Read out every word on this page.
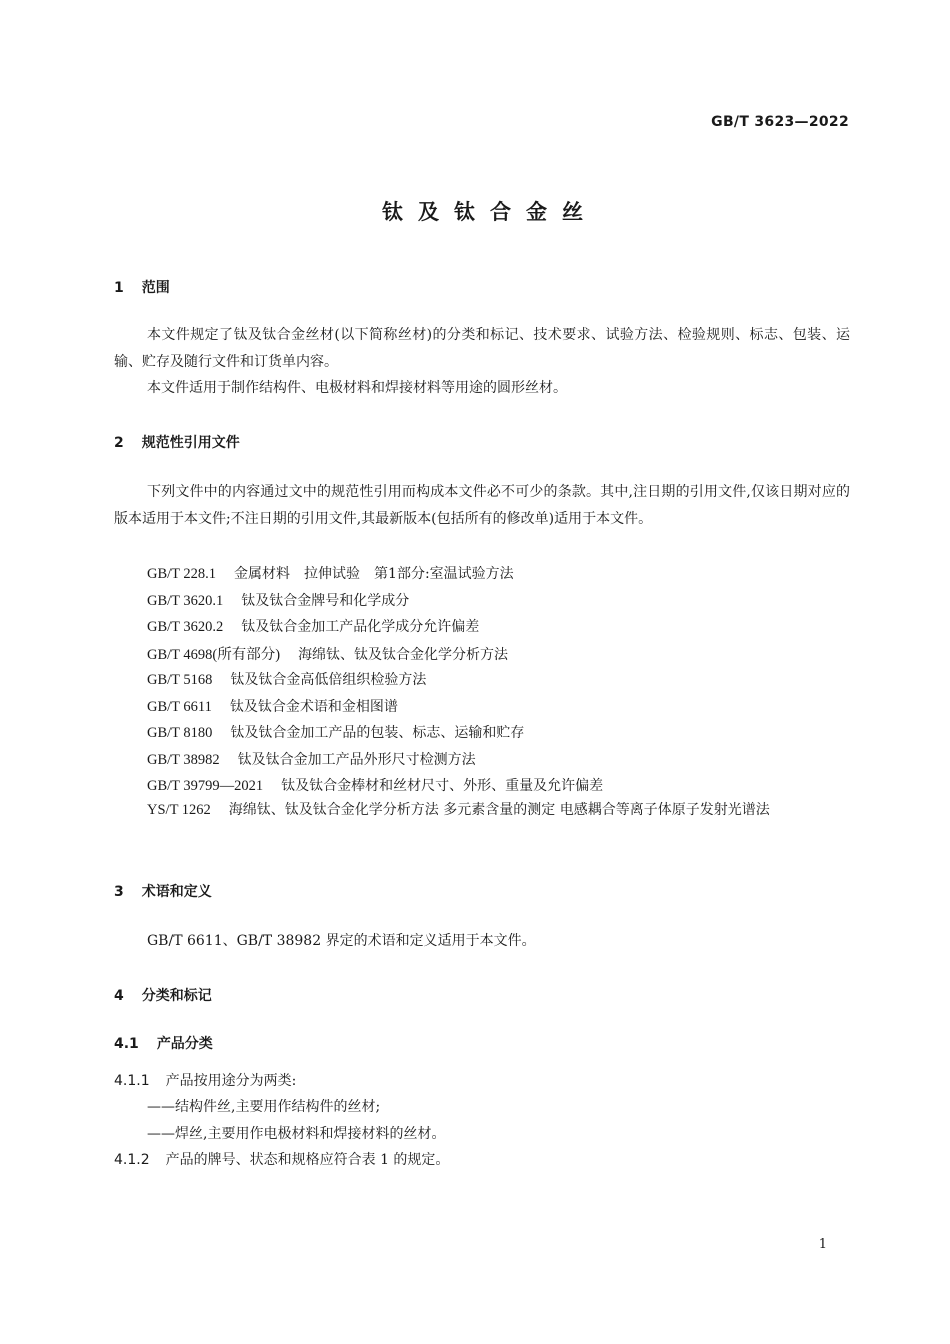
GB/T 3623—2022
钛及钛合金丝
1 范围
本文件规定了钛及钛合金丝材(以下简称丝材)的分类和标记、技术要求、试验方法、检验规则、标志、包装、运输、贮存及随行文件和订货单内容。
本文件适用于制作结构件、电极材料和焊接材料等用途的圆形丝材。
2 规范性引用文件
下列文件中的内容通过文中的规范性引用而构成本文件必不可少的条款。其中,注日期的引用文件,仅该日期对应的版本适用于本文件;不注日期的引用文件,其最新版本(包括所有的修改单)适用于本文件。
GB/T 228.1 金属材料　拉伸试验　第1部分:室温试验方法
GB/T 3620.1 钛及钛合金牌号和化学成分
GB/T 3620.2 钛及钛合金加工产品化学成分允许偏差
GB/T 4698(所有部分) 海绵钛、钛及钛合金化学分析方法
GB/T 5168 钛及钛合金高低倍组织检验方法
GB/T 6611 钛及钛合金术语和金相图谱
GB/T 8180 钛及钛合金加工产品的包装、标志、运输和贮存
GB/T 38982 钛及钛合金加工产品外形尺寸检测方法
GB/T 39799—2021 钛及钛合金棒材和丝材尺寸、外形、重量及允许偏差
YS/T 1262 海绵钛、钛及钛合金化学分析方法 多元素含量的测定 电感耦合等离子体原子发射光谱法
3 术语和定义
GB/T 6611、GB/T 38982 界定的术语和定义适用于本文件。
4 分类和标记
4.1 产品分类
4.1.1 产品按用途分为两类:
——结构件丝,主要用作结构件的丝材;
——焊丝,主要用作电极材料和焊接材料的丝材。
4.1.2 产品的牌号、状态和规格应符合表 1 的规定。
1
